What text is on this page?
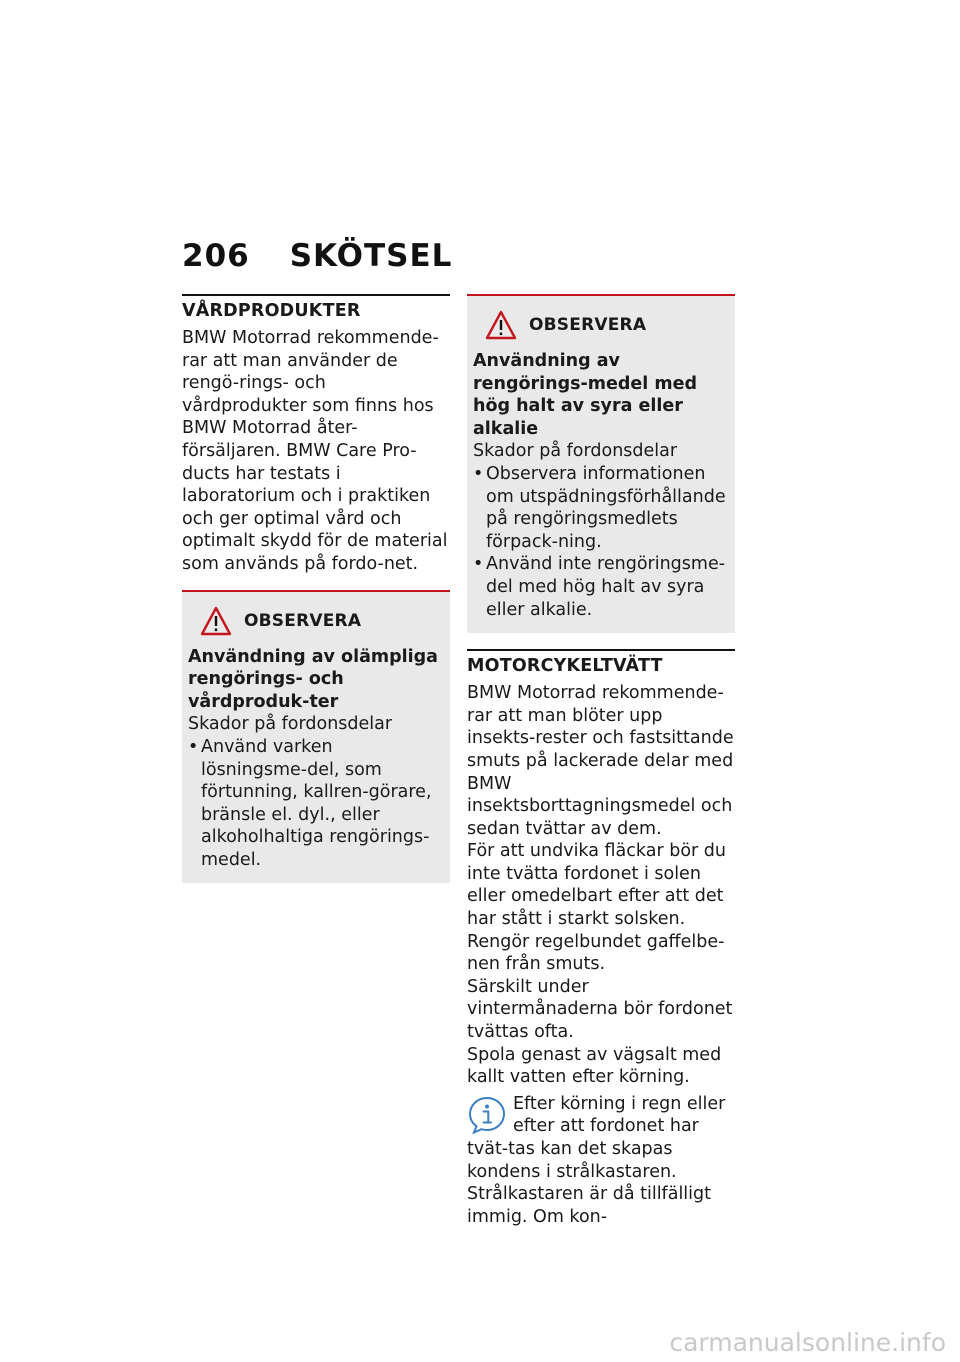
206 SKÖTSEL
VÅRDPRODUKTER

BMW Motorrad rekommende-rar att man använder de rengö-rings- och vårdprodukter som finns hos BMW Motorrad åter-försäljaren. BMW Care Pro-ducts har testats i laboratorium och i praktiken och ger optimal vård och optimalt skydd för de material som används på fordo-net.

OBSERVERA
Användning av olämpliga rengörings- och vårdproduk-ter
Skador på fordonsdelar
• Använd varken lösningsme-del, som förtunning, kallren-görare, bränsle el. dyl., eller alkoholhaltiga rengörings-medel.
OBSERVERA
Användning av rengörings-medel med hög halt av syra eller alkalie
Skador på fordonsdelar
• Observera informationen om utspädningsförhållande på rengöringsmedlets förpack-ning.
• Använd inte rengöringsme-del med hög halt av syra eller alkalie.
MOTORCYKELTVÄTT

BMW Motorrad rekommende-rar att man blöter upp insekts-rester och fastsittande smuts på lackerade delar med BMW insektsborttagningsmedel och sedan tvättar av dem.

För att undvika fläckar bör du inte tvätta fordonet i solen eller omedelbart efter att det har stått i starkt solsken.

Rengör regelbundet gaffelbe-nen från smuts.

Särskilt under vintermånaderna bör fordonet tvättas ofta.

Spola genast av vägsalt med kallt vatten efter körning.

Efter körning i regn eller efter att fordonet har tvät-tas kan det skapas kondens i strålkastaren. Strålkastaren är då tillfälligt immig. Om kon-
carmanualsonline.info
